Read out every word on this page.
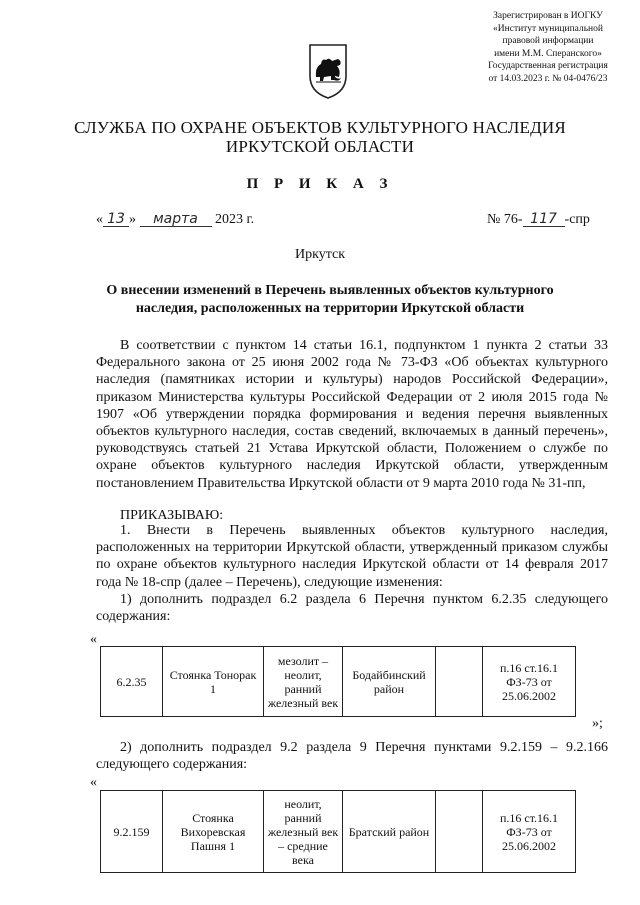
Зарегистрирован в ИОГКУ
«Институт муниципальной
правовой информации
имени М.М. Сперанского»
Государственная регистрация
от 14.03.2023 г. № 04-0476/23
СЛУЖБА ПО ОХРАНЕ ОБЪЕКТОВ КУЛЬТУРНОГО НАСЛЕДИЯ
ИРКУТСКОЙ ОБЛАСТИ
П Р И К А З
« 13 » марта 2023 г.	№ 76- 117 -спр
Иркутск
О внесении изменений в Перечень выявленных объектов культурного
наследия, расположенных на территории Иркутской области
В соответствии с пунктом 14 статьи 16.1, подпунктом 1 пункта 2 статьи 33 Федерального закона от 25 июня 2002 года № 73-ФЗ «Об объектах культурного наследия (памятниках истории и культуры) народов Российской Федерации», приказом Министерства культуры Российской Федерации от 2 июля 2015 года № 1907 «Об утверждении порядка формирования и ведения перечня выявленных объектов культурного наследия, состав сведений, включаемых в данный перечень», руководствуясь статьей 21 Устава Иркутской области, Положением о службе по охране объектов культурного наследия Иркутской области, утвержденным постановлением Правительства Иркутской области от 9 марта 2010 года № 31-пп,
ПРИКАЗЫВАЮ:
1. Внести в Перечень выявленных объектов культурного наследия, расположенных на территории Иркутской области, утвержденный приказом службы по охране объектов культурного наследия Иркутской области от 14 февраля 2017 года № 18-спр (далее – Перечень), следующие изменения:
1) дополнить подраздел 6.2 раздела 6 Перечня пунктом 6.2.35 следующего содержания:
«
6.2.35	Стоянка Тонорак 1	мезолит – неолит, ранний железный век	Бодайбинский район		п.16 ст.16.1 ФЗ-73 от 25.06.2002
»;
2) дополнить подраздел 9.2 раздела 9 Перечня пунктами 9.2.159 – 9.2.166 следующего содержания:
«
9.2.159	Стоянка Вихоревская Пашня 1	неолит, ранний железный век – средние века	Братский район		п.16 ст.16.1 ФЗ-73 от 25.06.2002
